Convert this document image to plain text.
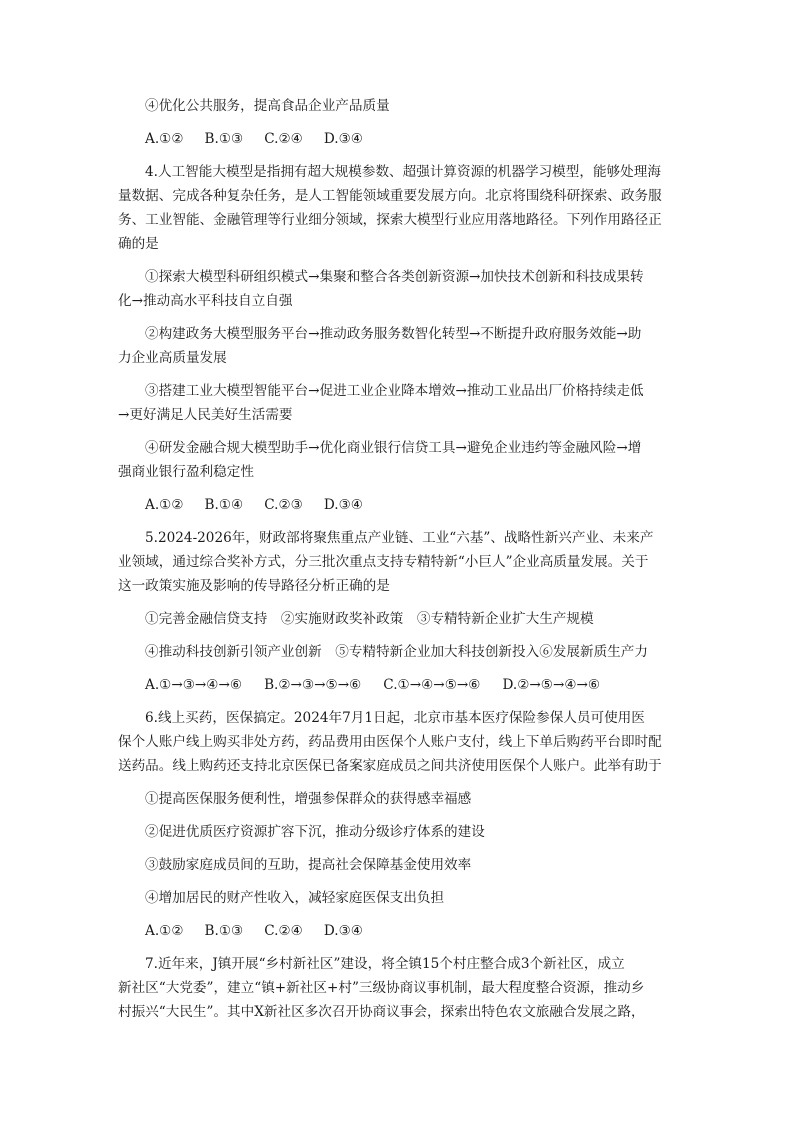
④优化公共服务，提高食品企业产品质量
A.①② B.①③ C.②④ D.③④
4.人工智能大模型是指拥有超大规模参数、超强计算资源的机器学习模型，能够处理海
量数据、完成各种复杂任务，是人工智能领域重要发展方向。北京将围绕科研探索、政务服
务、工业智能、金融管理等行业细分领域，探索大模型行业应用落地路径。下列作用路径正
确的是
①探索大模型科研组织模式→集聚和整合各类创新资源→加快技术创新和科技成果转
化→推动高水平科技自立自强
②构建政务大模型服务平台→推动政务服务数智化转型→不断提升政府服务效能→助
力企业高质量发展
③搭建工业大模型智能平台→促进工业企业降本增效→推动工业品出厂价格持续走低
→更好满足人民美好生活需要
④研发金融合规大模型助手→优化商业银行信贷工具→避免企业违约等金融风险→增
强商业银行盈利稳定性
A.①② B.①④ C.②③ D.③④
5.2024-2026年，财政部将聚焦重点产业链、工业“六基”、战略性新兴产业、未来产
业领域，通过综合奖补方式，分三批次重点支持专精特新“小巨人”企业高质量发展。关于
这一政策实施及影响的传导路径分析正确的是
①完善金融信贷支持　②实施财政奖补政策　③专精特新企业扩大生产规模
④推动科技创新引领产业创新　⑤专精特新企业加大科技创新投入⑥发展新质生产力
A.①→③→④→⑥ B.②→③→⑤→⑥ C.①→④→⑤→⑥ D.②→⑤→④→⑥
6.线上买药，医保搞定。2024年7月1日起，北京市基本医疗保险参保人员可使用医
保个人账户线上购买非处方药，药品费用由医保个人账户支付，线上下单后购药平台即时配
送药品。线上购药还支持北京医保已备案家庭成员之间共济使用医保个人账户。此举有助于
①提高医保服务便利性，增强参保群众的获得感幸福感
②促进优质医疗资源扩容下沉，推动分级诊疗体系的建设
③鼓励家庭成员间的互助，提高社会保障基金使用效率
④增加居民的财产性收入，减轻家庭医保支出负担
A.①② B.①③ C.②④ D.③④
7.近年来，J镇开展“乡村新社区”建设，将全镇15个村庄整合成3个新社区，成立
新社区“大党委”，建立“镇+新社区+村”三级协商议事机制，最大程度整合资源，推动乡
村振兴“大民生”。其中X新社区多次召开协商议事会，探索出特色农文旅融合发展之路，
